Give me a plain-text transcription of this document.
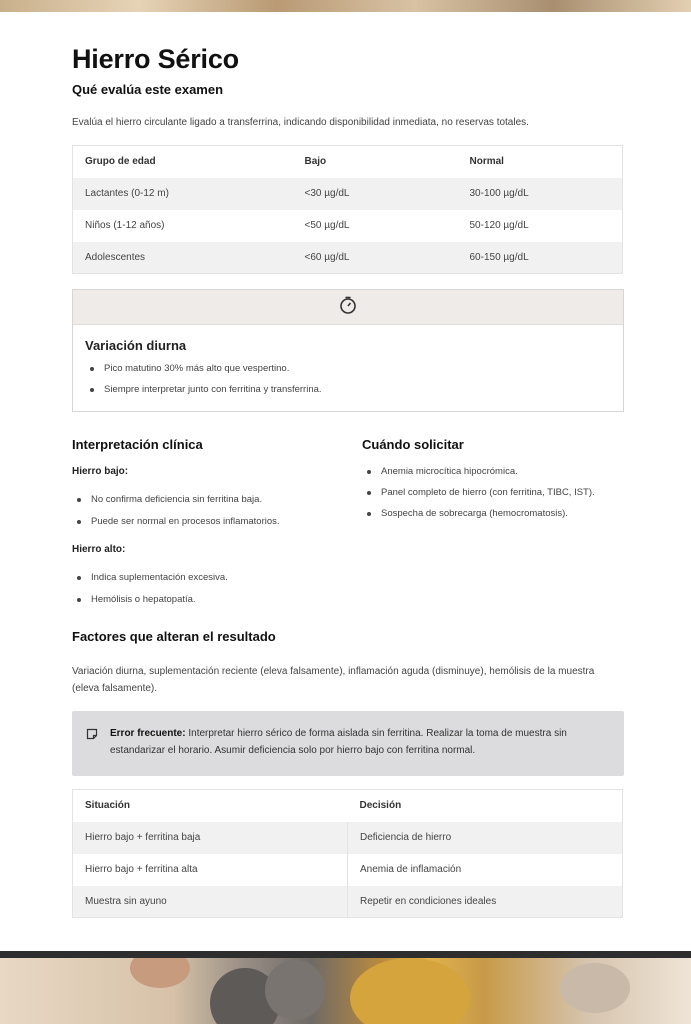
Hierro Sérico
Qué evalúa este examen
Evalúa el hierro circulante ligado a transferrina, indicando disponibilidad inmediata, no reservas totales.
Grupo de edad	Bajo	Normal
Lactantes (0-12 m)	<30 µg/dL	30-100 µg/dL
Niños (1-12 años)	<50 µg/dL	50-120 µg/dL
Adolescentes	<60 µg/dL	60-150 µg/dL
Variación diurna
Pico matutino 30% más alto que vespertino.
Siempre interpretar junto con ferritina y transferrina.
Interpretación clínica
Hierro bajo:
No confirma deficiencia sin ferritina baja.
Puede ser normal en procesos inflamatorios.
Hierro alto:
Indica suplementación excesiva.
Hemólisis o hepatopatía.
Cuándo solicitar
Anemia microcítica hipocrómica.
Panel completo de hierro (con ferritina, TIBC, IST).
Sospecha de sobrecarga (hemocromatosis).
Factores que alteran el resultado
Variación diurna, suplementación reciente (eleva falsamente), inflamación aguda (disminuye), hemólisis de la muestra (eleva falsamente).
Error frecuente: Interpretar hierro sérico de forma aislada sin ferritina. Realizar la toma de muestra sin estandarizar el horario. Asumir deficiencia solo por hierro bajo con ferritina normal.
Situación	Decisión
Hierro bajo + ferritina baja	Deficiencia de hierro
Hierro bajo + ferritina alta	Anemia de inflamación
Muestra sin ayuno	Repetir en condiciones ideales
